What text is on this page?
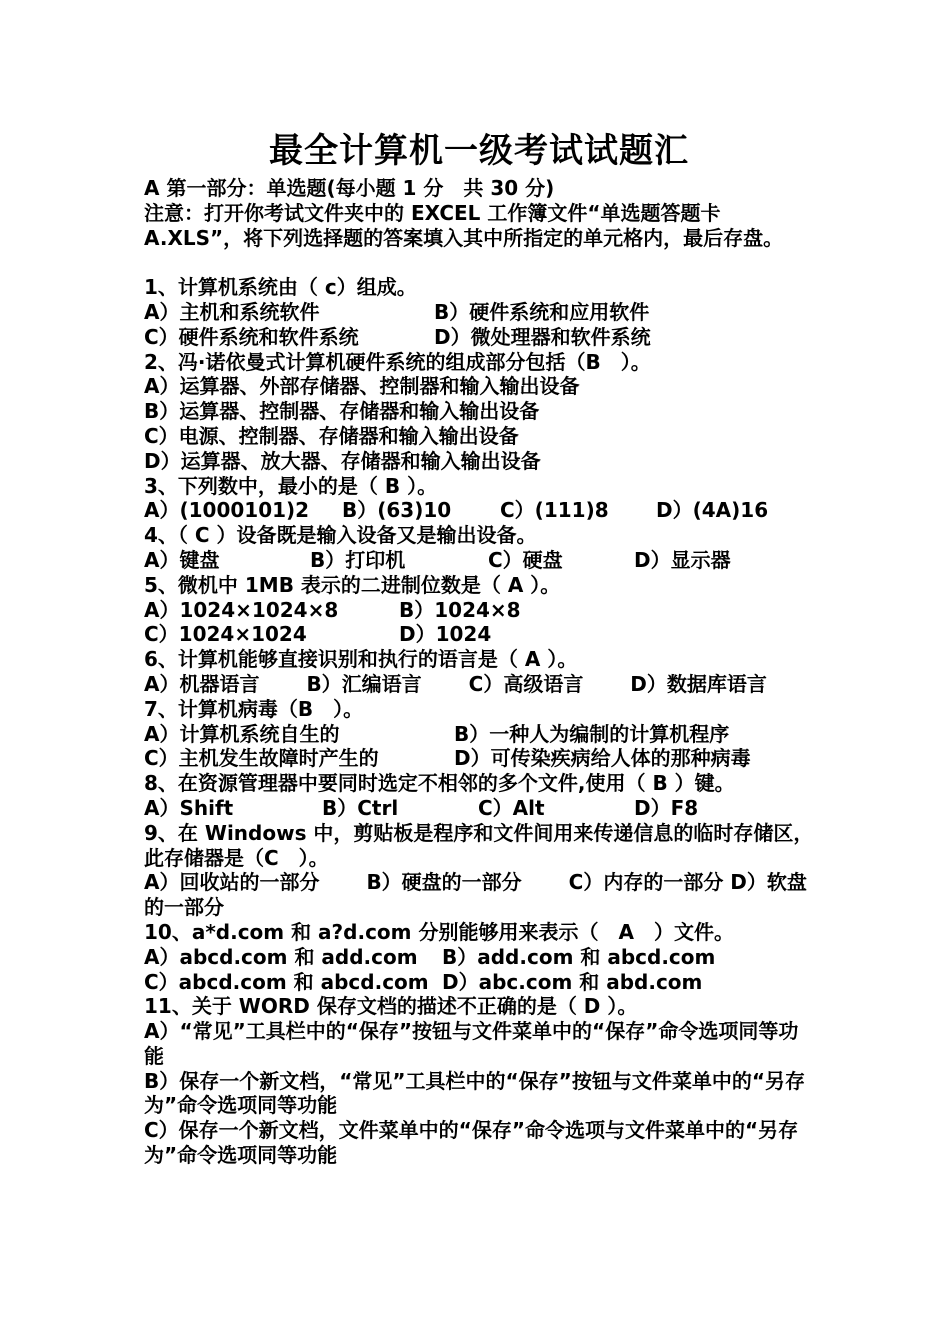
最全计算机一级考试试题汇
A 第一部分：单选题(每小题 1 分　共 30 分)
注意：打开你考试文件夹中的 EXCEL 工作簿文件“单选题答题卡 A.XLS”，将下列选择题的答案填入其中所指定的单元格内，最后存盘。
1、计算机系统由（ c）组成。
A）主机和系统软件	B）硬件系统和应用软件
C）硬件系统和软件系统	D）微处理器和软件系统
2、冯·诺依曼式计算机硬件系统的组成部分包括（B　）。
A）运算器、外部存储器、控制器和输入输出设备
B）运算器、控制器、存储器和输入输出设备
C）电源、控制器、存储器和输入输出设备
D）运算器、放大器、存储器和输入输出设备
3、下列数中，最小的是（ B ）。
A）(1000101)2	B）(63)10	C）(111)8	D）(4A)16
4、（ C ）设备既是输入设备又是输出设备。
A）键盘	B）打印机	C）硬盘	D）显示器
5、微机中 1MB 表示的二进制位数是（ A ）。
A）1024×1024×8	B）1024×8
C）1024×1024	D）1024
6、计算机能够直接识别和执行的语言是（ A ）。
A）机器语言　　 B）汇编语言　　 C）高级语言　　 D）数据库语言
7、计算机病毒（B　）。
A）计算机系统自生的	B）一种人为编制的计算机程序
C）主机发生故障时产生的	D）可传染疾病给人体的那种病毒
8、在资源管理器中要同时选定不相邻的多个文件,使用（ B ）键。
A）Shift	B）Ctrl	C）Alt	D）F8
9、在 Windows 中，剪贴板是程序和文件间用来传递信息的临时存储区，此存储器是（C　）。
A）回收站的一部分　　 B）硬盘的一部分　　 C）内存的一部分 D）软盘的一部分
10、a*d.com 和 a?d.com 分别能够用来表示（　A　）文件。
A）abcd.com 和 add.com	B）add.com 和 abcd.com
C）abcd.com 和 abcd.com D）abc.com 和 abd.com
11、关于 WORD 保存文档的描述不正确的是（ D ）。
A）“常见”工具栏中的“保存”按钮与文件菜单中的“保存”命令选项同等功能
B）保存一个新文档，“常见”工具栏中的“保存”按钮与文件菜单中的“另存为”命令选项同等功能
C）保存一个新文档，文件菜单中的“保存”命令选项与文件菜单中的“另存为”命令选项同等功能
